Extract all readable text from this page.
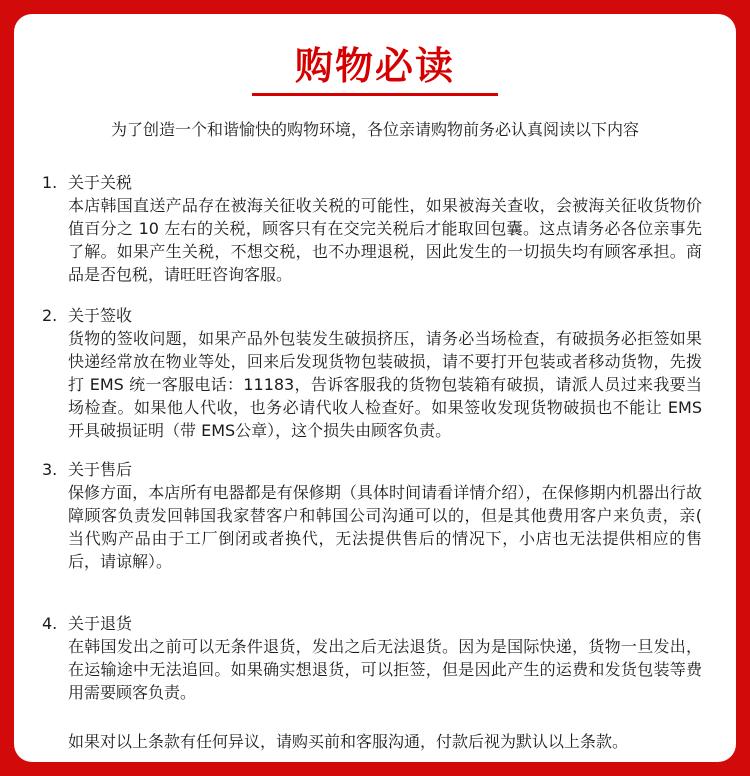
购物必读
为了创造一个和谐愉快的购物环境，各位亲请购物前务必认真阅读以下内容
1. 关于关税
本店韩国直送产品存在被海关征收关税的可能性，如果被海关查收，会被海关征收货物价值百分之 10 左右的关税，顾客只有在交完关税后才能取回包囊。这点请务必各位亲事先了解。如果产生关税，不想交税，也不办理退税，因此发生的一切损失均有顾客承担。商品是否包税，请旺旺咨询客服。
2. 关于签收
货物的签收问题，如果产品外包装发生破损挤压，请务必当场检查，有破损务必拒签如果快递经常放在物业等处，回来后发现货物包装破损，请不要打开包装或者移动货物，先拨打 EMS 统一客服电话：11183，告诉客服我的货物包装箱有破损，请派人员过来我要当场检查。如果他人代收，也务必请代收人检查好。如果签收发现货物破损也不能让 EMS 开具破损证明（带 EMS公章），这个损失由顾客负责。
3. 关于售后
保修方面，本店所有电器都是有保修期（具体时间请看详情介绍），在保修期内机器出行故障顾客负责发回韩国我家替客户和韩国公司沟通可以的，但是其他费用客户来负责，亲( 当代购产品由于工厂倒闭或者换代，无法提供售后的情况下，小店也无法提供相应的售后，请谅解）。
4. 关于退货
在韩国发出之前可以无条件退货，发出之后无法退货。因为是国际快递，货物一旦发出，在运输途中无法追回。如果确实想退货，可以拒签，但是因此产生的运费和发货包装等费用需要顾客负责。
如果对以上条款有任何异议，请购买前和客服沟通，付款后视为默认以上条款。
